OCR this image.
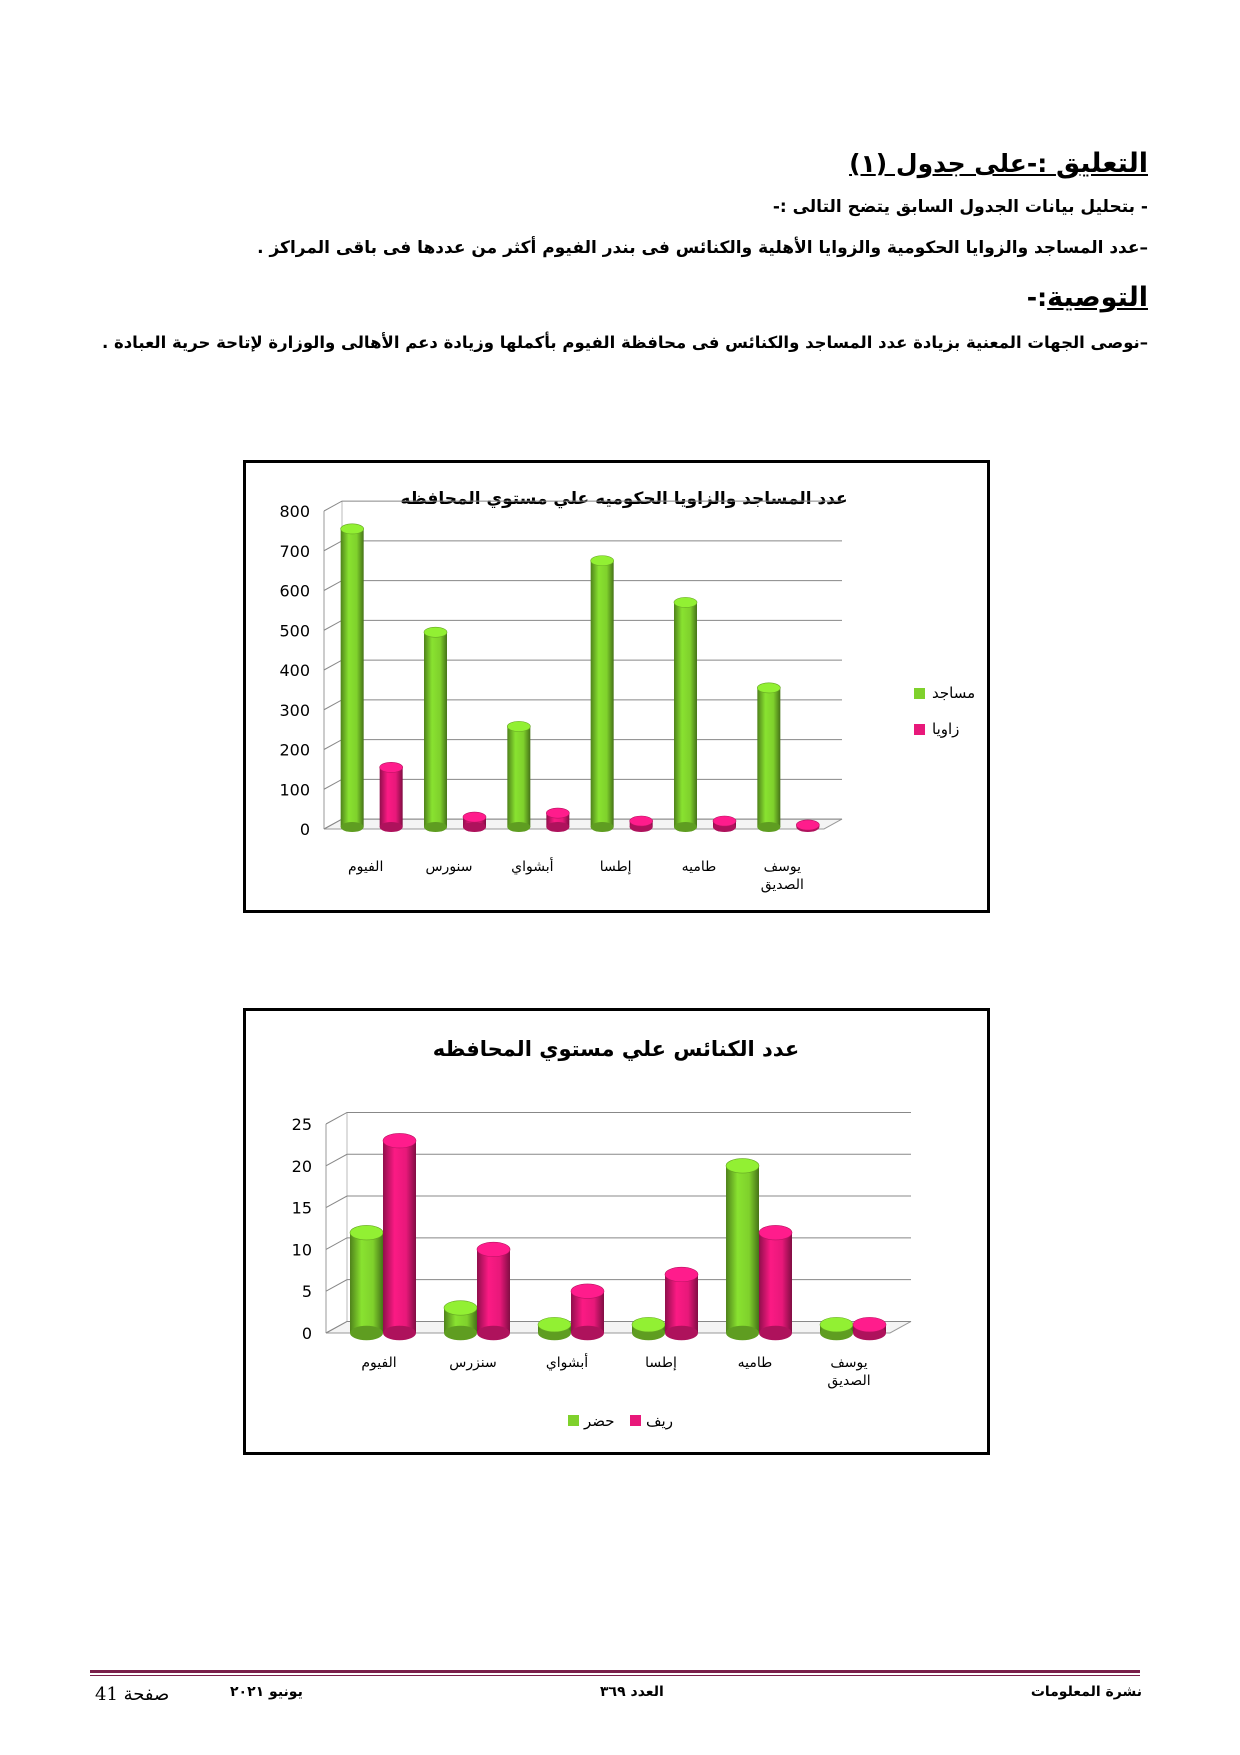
التعليق :-على جدول (١)
- بتحليل بيانات الجدول السابق يتضح التالى :-
–عدد المساجد والزوايا الحكومية والزوايا الأهلية والكنائس فى بندر الفيوم أكثر من عددها فى باقى المراكز .
التوصية:-
–نوصى الجهات المعنية بزيادة عدد المساجد والكنائس فى محافظة الفيوم بأكملها وزيادة دعم الأهالى والوزارة لإتاحة حرية العبادة .
عدد المساجد والزاويا الحكوميه علي مستوي المحافظه
0
100
200
300
400
500
600
700
800
الفيوم	سنورس	أبشواي	إطسا	طاميه	يوسف الصديق
مساجد
زاويا
عدد الكنائس علي مستوي المحافظه
0
5
10
15
20
25
الفيوم	سنزرس	أبشواي	إطسا	طاميه	يوسف الصديق
حضر ريف
نشرة المعلومات
العدد ٣٦٩
يونيو ٢٠٢١
صفحة 41
